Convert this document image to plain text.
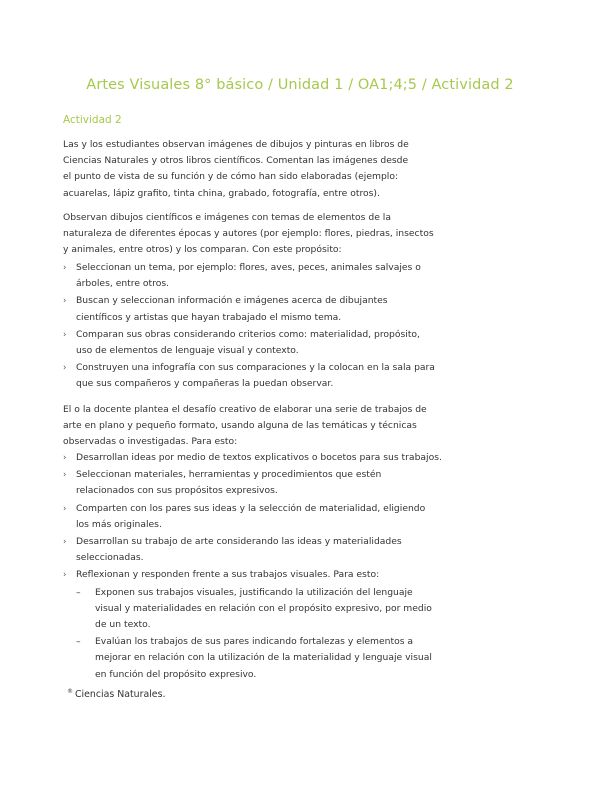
Artes Visuales 8° básico / Unidad 1 / OA1;4;5 / Actividad 2
Actividad 2

Las y los estudiantes observan imágenes de dibujos y pinturas en libros de
Ciencias Naturales y otros libros científicos. Comentan las imágenes desde
el punto de vista de su función y de cómo han sido elaboradas (ejemplo:
acuarelas, lápiz grafito, tinta china, grabado, fotografía, entre otros).

Observan dibujos científicos e imágenes con temas de elementos de la
naturaleza de diferentes épocas y autores (por ejemplo: flores, piedras, insectos
y animales, entre otros) y los comparan. Con este propósito:

› Seleccionan un tema, por ejemplo: flores, aves, peces, animales salvajes o
árboles, entre otros.
› Buscan y seleccionan información e imágenes acerca de dibujantes
científicos y artistas que hayan trabajado el mismo tema.
› Comparan sus obras considerando criterios como: materialidad, propósito,
uso de elementos de lenguaje visual y contexto.
› Construyen una infografía con sus comparaciones y la colocan en la sala para
que sus compañeros y compañeras la puedan observar.

El o la docente plantea el desafío creativo de elaborar una serie de trabajos de
arte en plano y pequeño formato, usando alguna de las temáticas y técnicas
observadas o investigadas. Para esto:

› Desarrollan ideas por medio de textos explicativos o bocetos para sus trabajos.
› Seleccionan materiales, herramientas y procedimientos que estén
relacionados con sus propósitos expresivos.
› Comparten con los pares sus ideas y la selección de materialidad, eligiendo
los más originales.
› Desarrollan su trabajo de arte considerando las ideas y materialidades
seleccionadas.
› Reflexionan y responden frente a sus trabajos visuales. Para esto:
– Exponen sus trabajos visuales, justificando la utilización del lenguaje
visual y materialidades en relación con el propósito expresivo, por medio
de un texto.
– Evalúan los trabajos de sus pares indicando fortalezas y elementos a
mejorar en relación con la utilización de la materialidad y lenguaje visual
en función del propósito expresivo.
® Ciencias Naturales.
